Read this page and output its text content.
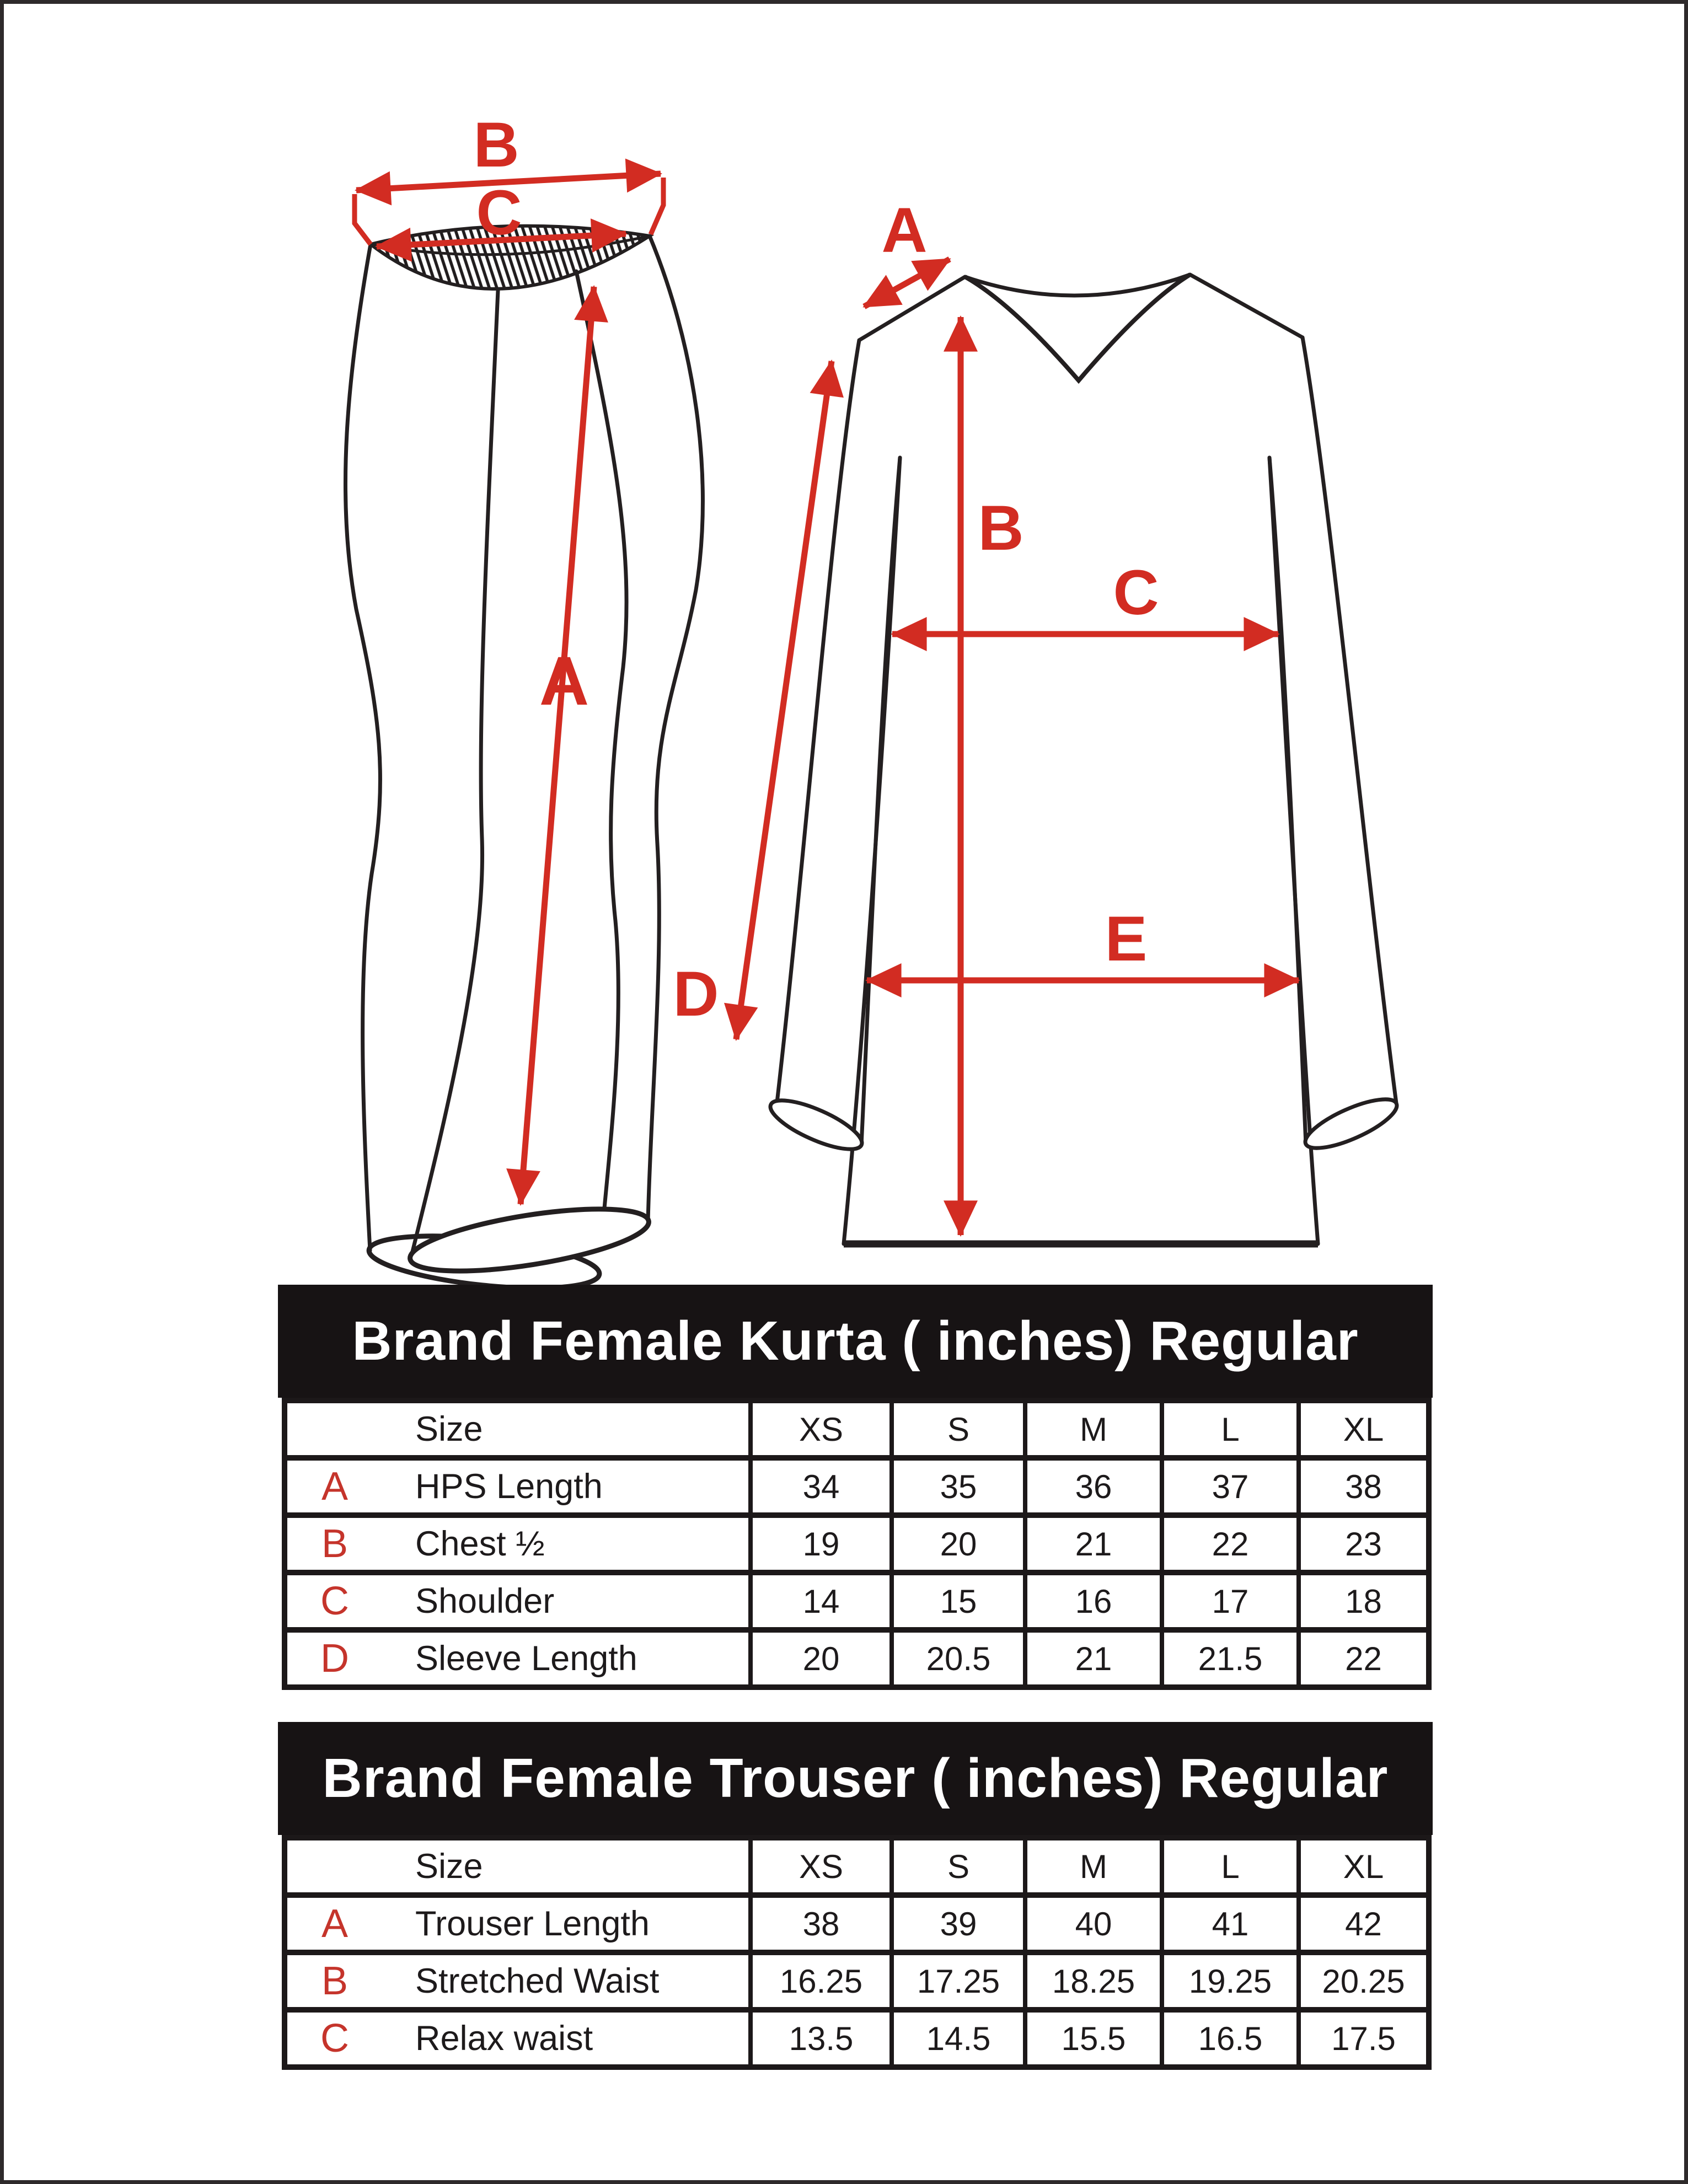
B
C
A
A
B
C
D
E
Brand Female Kurta ( inches) Regular
Size	XS	S	M	L	XL
A	HPS Length	34	35	36	37	38
B	Chest ½	19	20	21	22	23
C	Shoulder	14	15	16	17	18
D	Sleeve Length	20	20.5	21	21.5	22
Brand Female Trouser ( inches) Regular
Size	XS	S	M	L	XL
A	Trouser Length	38	39	40	41	42
B	Stretched Waist	16.25	17.25	18.25	19.25	20.25
C	Relax waist	13.5	14.5	15.5	16.5	17.5
